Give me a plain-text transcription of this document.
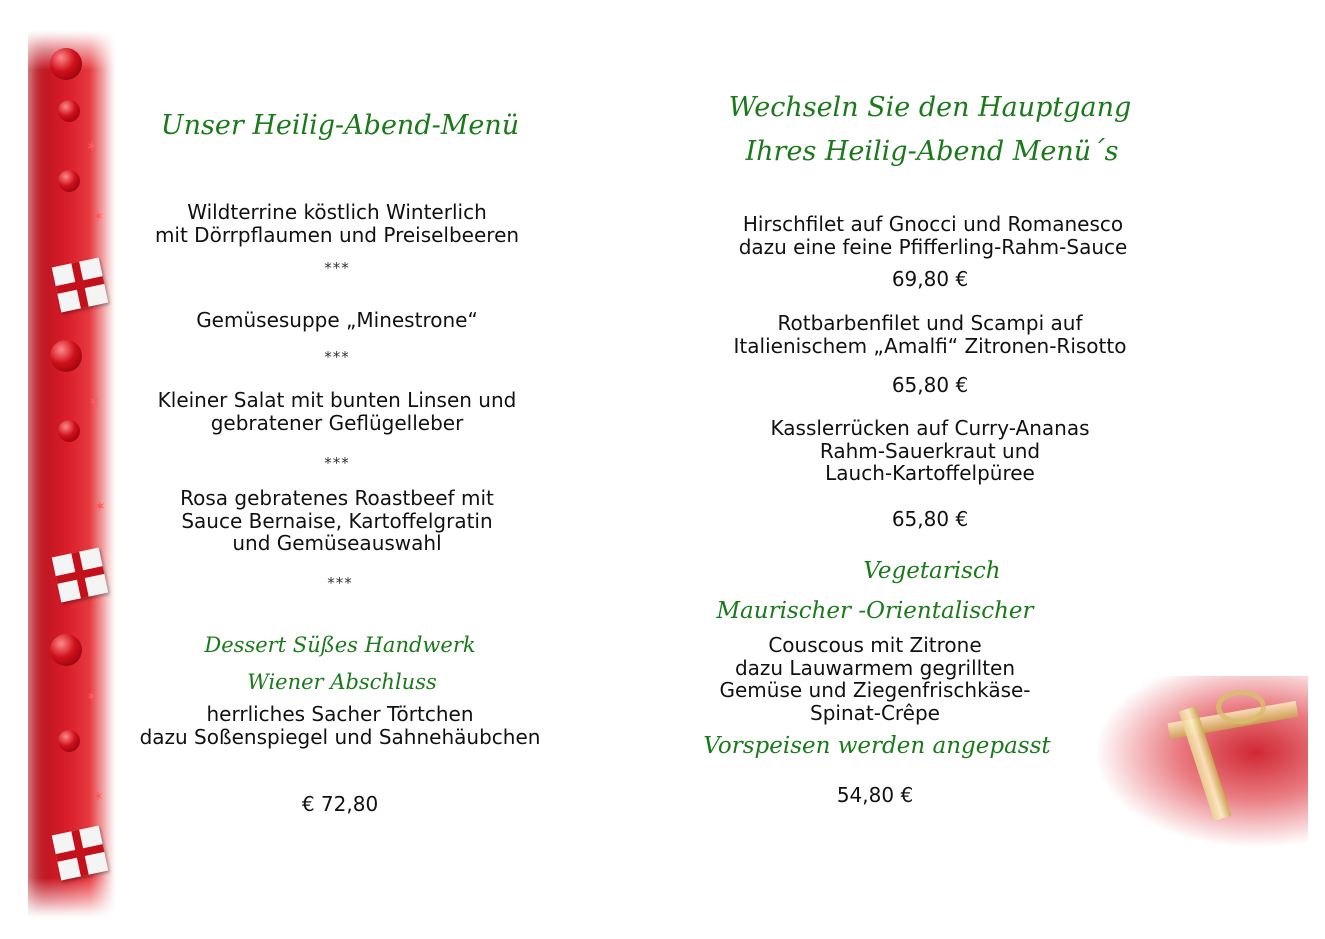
✶
✶
✶
✶
✶
✶
Unser Heilig-Abend-Menü
Wildterrine köstlich Winterlich
mit Dörrpflaumen und Preiselbeeren
***
Gemüsesuppe „Minestrone“
***
Kleiner Salat mit bunten Linsen und
gebratener Geflügelleber
***
Rosa gebratenes Roastbeef mit
Sauce Bernaise, Kartoffelgratin
und Gemüseauswahl
***
Dessert Süßes Handwerk
Wiener Abschluss
herrliches Sacher Törtchen
dazu Soßenspiegel und Sahnehäubchen
€ 72,80
Wechseln Sie den Hauptgang
Ihres Heilig-Abend Menü´s
Hirschfilet auf Gnocci und Romanesco
dazu eine feine Pfifferling-Rahm-Sauce
69,80 €
Rotbarbenfilet und Scampi auf
Italienischem „Amalfi“ Zitronen-Risotto
65,80 €
Kasslerrücken auf Curry-Ananas
Rahm-Sauerkraut und
Lauch-Kartoffelpüree
65,80 €
Vegetarisch
Maurischer -Orientalischer
Couscous mit Zitrone
dazu Lauwarmem gegrillten
Gemüse und Ziegenfrischkäse-
Spinat-Crêpe
Vorspeisen werden angepasst
54,80 €
